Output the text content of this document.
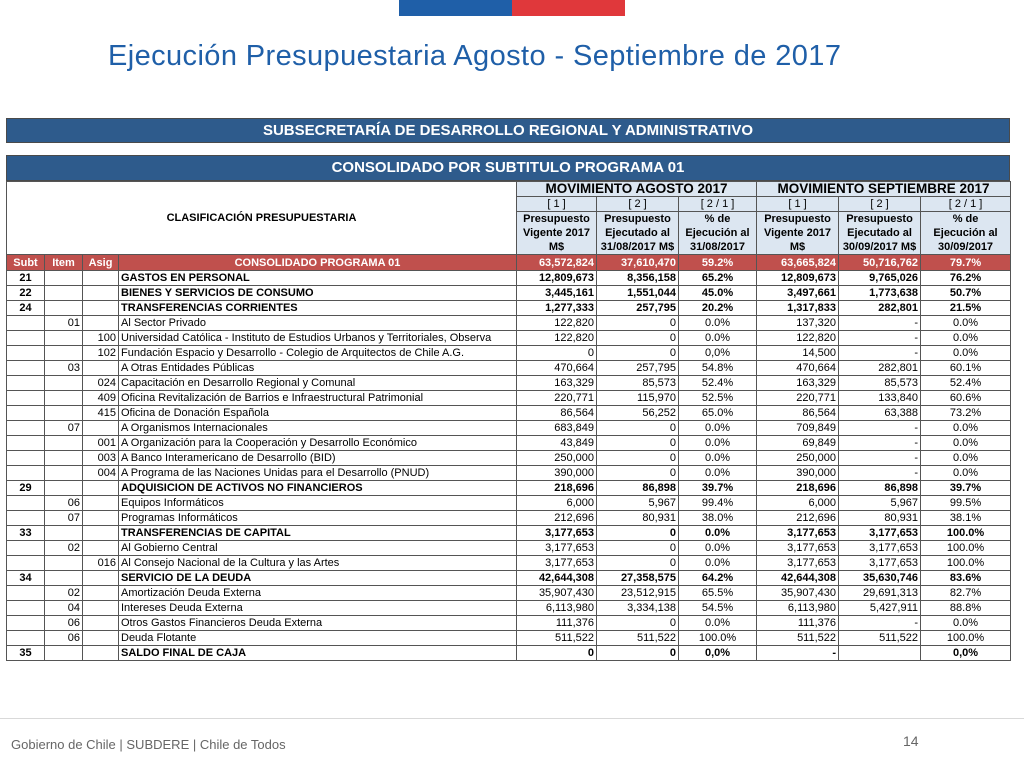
Ejecución Presupuestaria Agosto - Septiembre de 2017
SUBSECRETARÍA DE DESARROLLO REGIONAL Y ADMINISTRATIVO
CONSOLIDADO POR SUBTITULO PROGRAMA 01
CLASIFICACIÓN PRESUPUESTARIA				MOVIMIENTO AGOSTO 2017			MOVIMIENTO SEPTIEMBRE 2017		
				[ 1 ]	[ 2 ]	[ 2 / 1 ]	[ 1 ]	[ 2 ]	[ 2 / 1 ]
				Presupuesto
Vigente 2017
M$	Presupuesto
Ejecutado al
31/08/2017 M$	% de
Ejecución al
31/08/2017	Presupuesto
Vigente 2017
M$	Presupuesto
Ejecutado al
30/09/2017 M$	% de
Ejecución al
30/09/2017
Subt	Item	Asig	CONSOLIDADO PROGRAMA 01	63,572,824	37,610,470	59.2%	63,665,824	50,716,762	79.7%
21			GASTOS EN PERSONAL	12,809,673	8,356,158	65.2%	12,809,673	9,765,026	76.2%
22			BIENES Y SERVICIOS DE CONSUMO	3,445,161	1,551,044	45.0%	3,497,661	1,773,638	50.7%
24			TRANSFERENCIAS CORRIENTES	1,277,333	257,795	20.2%	1,317,833	282,801	21.5%
	01		Al Sector Privado	122,820	0	0.0%	137,320	-	0.0%
		100	Universidad Católica - Instituto de Estudios Urbanos y Territoriales, Observa	122,820	0	0.0%	122,820	-	0.0%
		102	Fundación Espacio y Desarrollo - Colegio de Arquitectos de Chile A.G.	0	0	0,0%	14,500	-	0.0%
	03		A Otras Entidades Públicas	470,664	257,795	54.8%	470,664	282,801	60.1%
		024	Capacitación en Desarrollo Regional y Comunal	163,329	85,573	52.4%	163,329	85,573	52.4%
		409	Oficina Revitalización de Barrios e Infraestructural Patrimonial	220,771	115,970	52.5%	220,771	133,840	60.6%
		415	Oficina de Donación Española	86,564	56,252	65.0%	86,564	63,388	73.2%
	07		A Organismos Internacionales	683,849	0	0.0%	709,849	-	0.0%
		001	A Organización para la Cooperación y Desarrollo Económico	43,849	0	0.0%	69,849	-	0.0%
		003	A Banco Interamericano de Desarrollo (BID)	250,000	0	0.0%	250,000	-	0.0%
		004	A Programa de las Naciones Unidas para el Desarrollo (PNUD)	390,000	0	0.0%	390,000	-	0.0%
29			ADQUISICION DE ACTIVOS NO FINANCIEROS	218,696	86,898	39.7%	218,696	86,898	39.7%
	06		Equipos Informáticos	6,000	5,967	99.4%	6,000	5,967	99.5%
	07		Programas Informáticos	212,696	80,931	38.0%	212,696	80,931	38.1%
33			TRANSFERENCIAS DE CAPITAL	3,177,653	0	0.0%	3,177,653	3,177,653	100.0%
	02		Al Gobierno Central	3,177,653	0	0.0%	3,177,653	3,177,653	100.0%
		016	Al Consejo Nacional de la Cultura y las Artes	3,177,653	0	0.0%	3,177,653	3,177,653	100.0%
34			SERVICIO DE LA DEUDA	42,644,308	27,358,575	64.2%	42,644,308	35,630,746	83.6%
	02		Amortización Deuda Externa	35,907,430	23,512,915	65.5%	35,907,430	29,691,313	82.7%
	04		Intereses Deuda Externa	6,113,980	3,334,138	54.5%	6,113,980	5,427,911	88.8%
	06		Otros Gastos Financieros Deuda Externa	111,376	0	0.0%	111,376	-	0.0%
	06		Deuda Flotante	511,522	511,522	100.0%	511,522	511,522	100.0%
35			SALDO FINAL DE CAJA	0	0	0,0%	-		0,0%
Gobierno de Chile | SUBDERE | Chile de Todos	14
